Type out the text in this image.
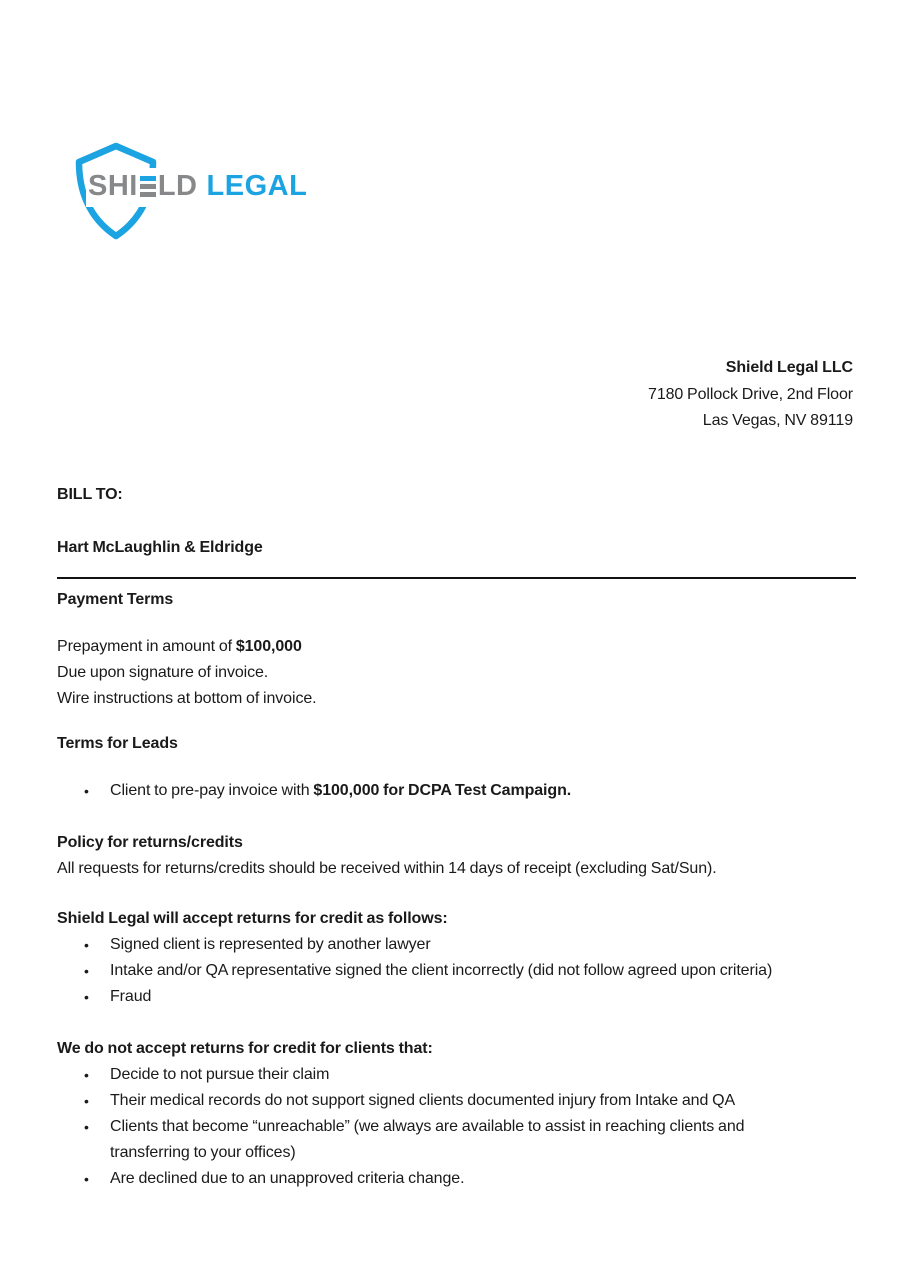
SHI LD LEGAL
Shield Legal LLC
7180 Pollock Drive, 2nd Floor
Las Vegas, NV 89119
BILL TO:
Hart McLaughlin & Eldridge
Payment Terms
Prepayment in amount of $100,000
Due upon signature of invoice.
Wire instructions at bottom of invoice.
Terms for Leads
• Client to pre-pay invoice with $100,000 for DCPA Test Campaign.
Policy for returns/credits
All requests for returns/credits should be received within 14 days of receipt (excluding Sat/Sun).
Shield Legal will accept returns for credit as follows:
• Signed client is represented by another lawyer
• Intake and/or QA representative signed the client incorrectly (did not follow agreed upon criteria)
• Fraud
We do not accept returns for credit for clients that:
• Decide to not pursue their claim
• Their medical records do not support signed clients documented injury from Intake and QA
• Clients that become “unreachable” (we always are available to assist in reaching clients and transferring to your offices)
• Are declined due to an unapproved criteria change.
